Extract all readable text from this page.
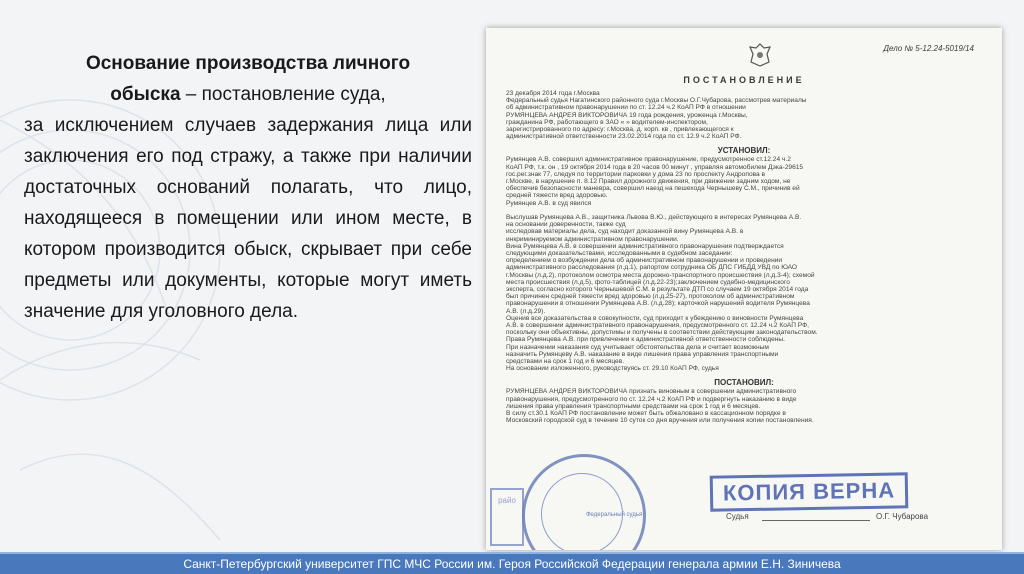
Основание производства личного
обыска – постановление суда,
за исключением случаев задержания лица или заключения его под стражу, а также при наличии достаточных оснований полагать, что лицо, находящееся в помещении или ином месте, в котором производится обыск, скрывает при себе предметы или документы, которые могут иметь значение для уголовного дела.
Дело № 5-12.24-5019/14
ПОСТАНОВЛЕНИЕ
23 декабря 2014 года г.Москва
Федеральный судья Нагатинского районного суда г.Москвы О.Г.Чубарова, рассмотрев материалы
об административном правонарушении по ст. 12.24 ч.2 КоАП РФ в отношении
РУМЯНЦЕВА АНДРЕЯ ВИКТОРОВИЧА 19 года рождения, уроженца г.Москвы,
гражданина РФ, работающего в ЗАО « » водителем-инспектором,
зарегистрированного по адресу: г.Москва, д. корп. кв , привлекающегося к
административной ответственности 23.02.2014 года по ст. 12.9 ч.2 КоАП РФ.
УСТАНОВИЛ:
Румянцев А.В. совершил административное правонарушение, предусмотренное ст.12.24 ч.2
КоАП РФ, т.к. он , 19 октября 2014 года в 20 часов 00 минут , управляя автомобилем Дэка-29615
гос.рег.знак 77, следуя по территории парковки у дома 23 по проспекту Андропова в
г.Москве, в нарушение п. 8.12 Правил дорожного движения, при движении задним ходом, не
обеспечив безопасности маневра, совершил наезд на пешехода Чернышеву С.М., причинив ей
средней тяжести вред здоровью.
Румянцев А.В. в суд явился
Выслушав Румянцева А.В., защитника Львова В.Ю., действующего в интересах Румянцева А.В.
на основании доверенности, также суд
исследовав материалы дела, суд находит доказанной вину Румянцева А.В. в
инкриминируемом административном правонарушении.
Вина Румянцева А.В. в совершении административного правонарушения подтверждается
следующими доказательствами, исследованными в судебном заседании:
определением о возбуждении дела об административном правонарушении и проведении
административного расследования (л.д.1), рапортом сотрудника ОБ ДПС ГИБДД УВД по ЮАО
г.Москвы (л.д.2), протоколом осмотра места дорожно-транспортного происшествия (л.д.3-4); схемой
места происшествия (л.д.5), фото-таблицей (л.д.22-23);заключением судебно-медицинского
эксперта, согласно которого Чернышевой С.М. в результате ДТП со случаем 19 октября 2014 года
был причинен средней тяжести вред здоровью (л.д.25-27), протоколом об административном
правонарушении в отношении Румянцева А.В. (л.д.28); карточкой нарушений водителя Румянцева
А.В. (л.д.29).
Оценив все доказательства в совокупности, суд приходит к убеждению о виновности Румянцева
А.В. в совершении административного правонарушения, предусмотренного ст. 12.24 ч.2 КоАП РФ,
поскольку они объективны, допустимы и получены в соответствии действующим законодательством.
Права Румянцева А.В. при привлечении к административной ответственности соблюдены.
При назначении наказания суд учитывает обстоятельства дела и считает возможным
назначить Румянцеву А.В. наказание в виде лишения права управления транспортными
средствами на срок 1 год и 6 месяцев.
На основании изложенного, руководствуясь ст. 29.10 КоАП РФ, судья
ПОСТАНОВИЛ:
РУМЯНЦЕВА АНДРЕЯ ВИКТОРОВИЧА признать виновным в совершении административного
правонарушения, предусмотренного по ст. 12.24 ч.2 КоАП РФ и подвергнуть наказанию в виде
лишения права управления транспортными средствами на срок 1 год и 6 месяцев.
В силу ст.30.1 КоАП РФ постановление может быть обжаловано в кассационном порядке в
Московский городской суд в течение 10 суток со дня вручения или получения копии постановления.
райо
Федеральный судья
КОПИЯ ВЕРНА
Судья	О.Г. Чубарова
Санкт-Петербургский университет ГПС МЧС России им. Героя Российской Федерации генерала армии Е.Н. Зиничева
